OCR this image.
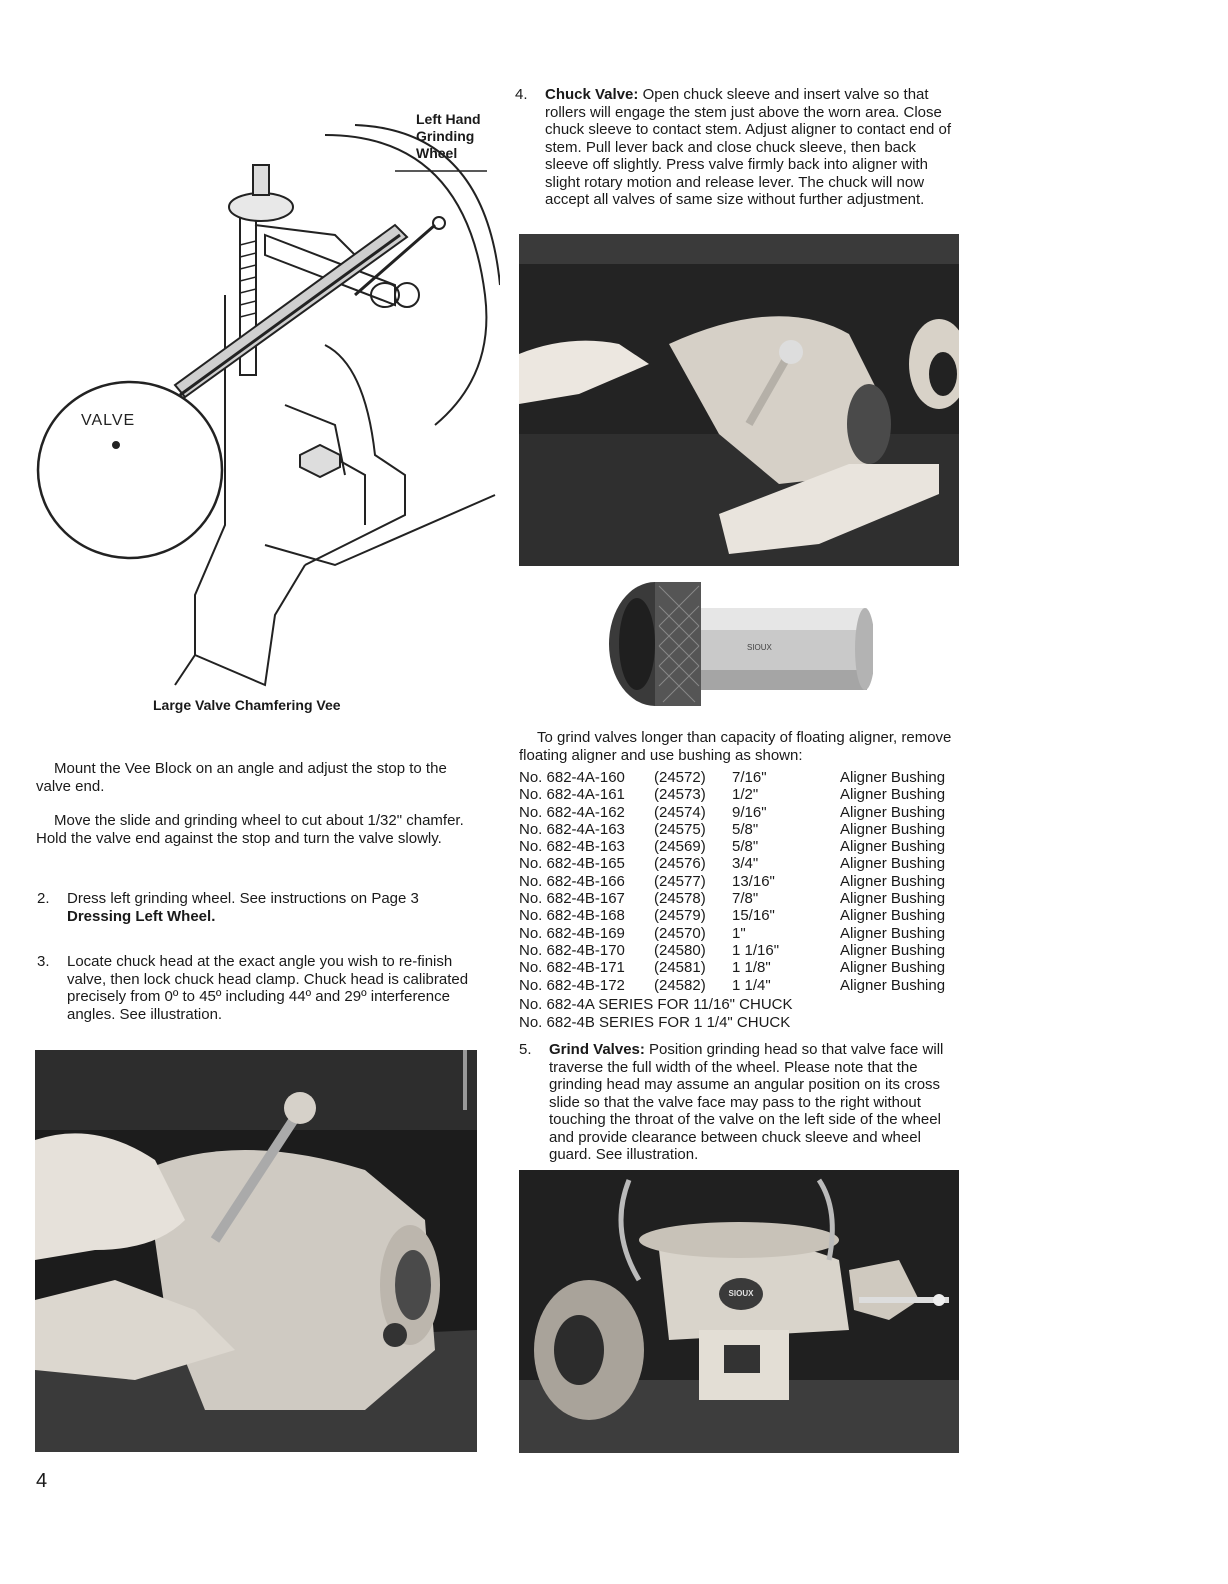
VALVE
Left Hand
Grinding
Wheel
Large Valve Chamfering Vee
Mount the Vee Block on an angle and adjust the stop to the valve end.
Move the slide and grinding wheel to cut about 1/32" chamfer. Hold the valve end against the stop and turn the valve slowly.
2. Dress left grinding wheel. See instructions on Page 3
Dressing Left Wheel.
3. Locate chuck head at the exact angle you wish to re-finish valve, then lock chuck head clamp. Chuck head is calibrated precisely from 0º to 45º including 44º and 29º interference angles. See illustration.
4. Chuck Valve: Open chuck sleeve and insert valve so that rollers will engage the stem just above the worn area. Close chuck sleeve to contact stem. Adjust aligner to contact end of stem. Pull lever back and close chuck sleeve, then back sleeve off slightly. Press valve firmly back into aligner with slight rotary motion and release lever. The chuck will now accept all valves of same size without further adjustment.
SIOUX
To grind valves longer than capacity of floating aligner, remove floating aligner and use bushing as shown:
No. 682-4A-160	(24572)	7/16"	Aligner Bushing
No. 682-4A-161	(24573)	1/2"	Aligner Bushing
No. 682-4A-162	(24574)	9/16"	Aligner Bushing
No. 682-4A-163	(24575)	5/8"	Aligner Bushing
No. 682-4B-163	(24569)	5/8"	Aligner Bushing
No. 682-4B-165	(24576)	3/4"	Aligner Bushing
No. 682-4B-166	(24577)	13/16"	Aligner Bushing
No. 682-4B-167	(24578)	7/8"	Aligner Bushing
No. 682-4B-168	(24579)	15/16"	Aligner Bushing
No. 682-4B-169	(24570)	1"	Aligner Bushing
No. 682-4B-170	(24580)	1 1/16"	Aligner Bushing
No. 682-4B-171	(24581)	1 1/8"	Aligner Bushing
No. 682-4B-172	(24582)	1 1/4"	Aligner Bushing
No. 682-4A SERIES FOR 11/16" CHUCK
No. 682-4B SERIES FOR 1 1/4" CHUCK
5. Grind Valves: Position grinding head so that valve face will traverse the full width of the wheel. Please note that the grinding head may assume an angular position on its cross slide so that the valve face may pass to the right without touching the throat of the valve on the left side of the wheel and provide clearance between chuck sleeve and wheel guard. See illustration.
SIOUX
4
